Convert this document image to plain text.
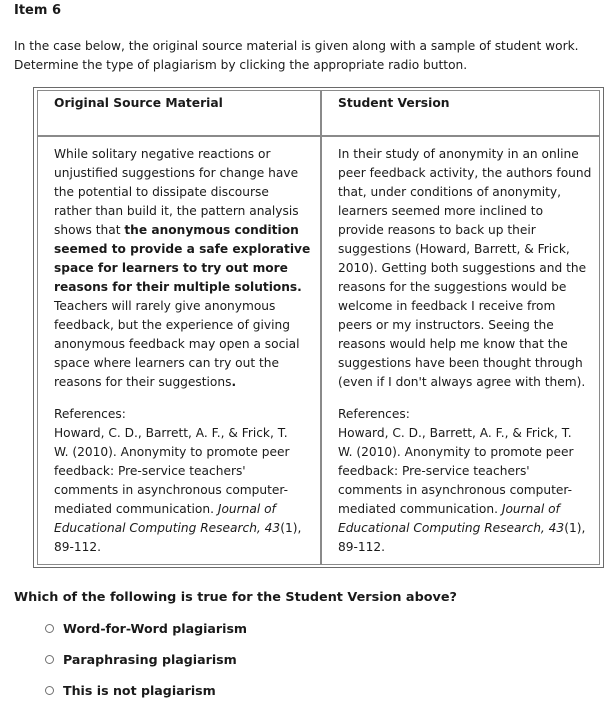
Item 6
In the case below, the original source material is given along with a sample of student work.
Determine the type of plagiarism by clicking the appropriate radio button.
Original Source Material	Student Version
While solitary negative reactions or
unjustified suggestions for change have
the potential to dissipate discourse
rather than build it, the pattern analysis
shows that the anonymous condition
seemed to provide a safe explorative
space for learners to try out more
reasons for their multiple solutions.
Teachers will rarely give anonymous
feedback, but the experience of giving
anonymous feedback may open a social
space where learners can try out the
reasons for their suggestions.
References:
Howard, C. D., Barrett, A. F., & Frick, T.
W. (2010). Anonymity to promote peer
feedback: Pre-service teachers'
comments in asynchronous computer-
mediated communication. Journal of
Educational Computing Research, 43(1),
89-112.
In their study of anonymity in an online
peer feedback activity, the authors found
that, under conditions of anonymity,
learners seemed more inclined to
provide reasons to back up their
suggestions (Howard, Barrett, & Frick,
2010). Getting both suggestions and the
reasons for the suggestions would be
welcome in feedback I receive from
peers or my instructors. Seeing the
reasons would help me know that the
suggestions have been thought through
(even if I don't always agree with them).
References:
Howard, C. D., Barrett, A. F., & Frick, T.
W. (2010). Anonymity to promote peer
feedback: Pre-service teachers'
comments in asynchronous computer-
mediated communication. Journal of
Educational Computing Research, 43(1),
89-112.
Which of the following is true for the Student Version above?
Word-for-Word plagiarism
Paraphrasing plagiarism
This is not plagiarism
